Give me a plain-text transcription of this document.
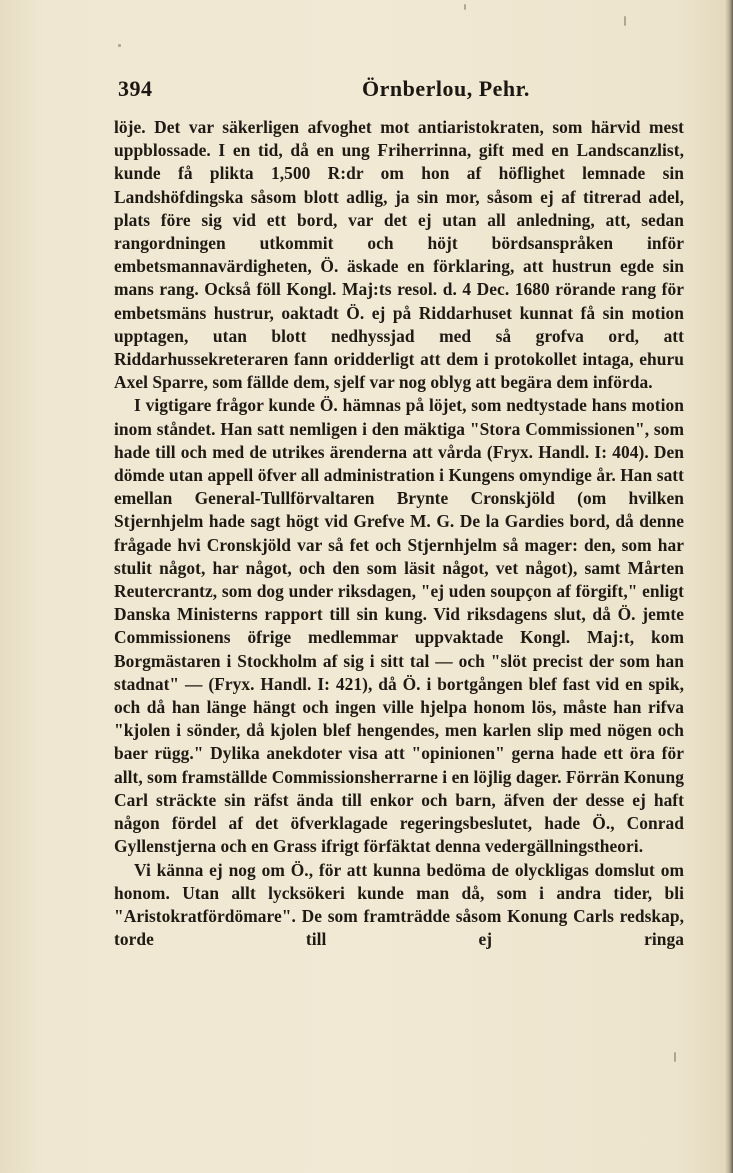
394	Örnberlou, Pehr.

löje. Det var säkerligen afvoghet mot antiaristokraten, som härvid mest uppblossade. I en tid, då en ung Friherrinna, gift med en Landscanzlist, kunde få plikta 1,500 R:dr om hon af höflighet lemnade sin Landshöfdingska såsom blott adlig, ja sin mor, såsom ej af titrerad adel, plats före sig vid ett bord, var det ej utan all anledning, att, sedan rangordningen utkommit och höjt bördsanspråken inför embetsmannavärdigheten, Ö. äskade en förklaring, att hustrun egde sin mans rang. Också föll Kongl. Maj:ts resol. d. 4 Dec. 1680 rörande rang för embetsmäns hustrur, oaktadt Ö. ej på Riddarhuset kunnat få sin motion upptagen, utan blott nedhyssjad med så grofva ord, att Riddarhussekreteraren fann oridderligt att dem i protokollet intaga, ehuru Axel Sparre, som fällde dem, sjelf var nog oblyg att begära dem införda.

I vigtigare frågor kunde Ö. hämnas på löjet, som nedtystade hans motion inom ståndet. Han satt nemligen i den mäktiga "Stora Commissionen", som hade till och med de utrikes ärenderna att vårda (Fryx. Handl. I: 404). Den dömde utan appell öfver all administration i Kungens omyndige år. Han satt emellan General-Tullförvaltaren Brynte Cronskjöld (om hvilken Stjernhjelm hade sagt högt vid Grefve M. G. De la Gardies bord, då denne frågade hvi Cronskjöld var så fet och Stjernhjelm så mager: den, som har stulit något, har något, och den som läsit något, vet något), samt Mårten Reutercrantz, som dog under riksdagen, "ej uden soupçon af förgift," enligt Danska Ministerns rapport till sin kung. Vid riksdagens slut, då Ö. jemte Commissionens öfrige medlemmar uppvaktade Kongl. Maj:t, kom Borgmästaren i Stockholm af sig i sitt tal — och "slöt precist der som han stadnat" — (Fryx. Handl. I: 421), då Ö. i bortgången blef fast vid en spik, och då han länge hängt och ingen ville hjelpa honom lös, måste han rifva "kjolen i sönder, då kjolen blef hengendes, men karlen slip med nögen och baer rügg." Dylika anekdoter visa att "opinionen" gerna hade ett öra för allt, som framställde Commissionsherrarne i en löjlig dager. Förrän Konung Carl sträckte sin räfst ända till enkor och barn, äfven der desse ej haft någon fördel af det öfverklagade regeringsbeslutet, hade Ö., Conrad Gyllenstjerna och en Grass ifrigt förfäktat denna vedergällningstheori.

Vi känna ej nog om Ö., för att kunna bedöma de olyckligas domslut om honom. Utan allt lycksökeri kunde man då, som i andra tider, bli "Aristokratfördömare". De som framträdde såsom Konung Carls redskap, torde till ej ringa
